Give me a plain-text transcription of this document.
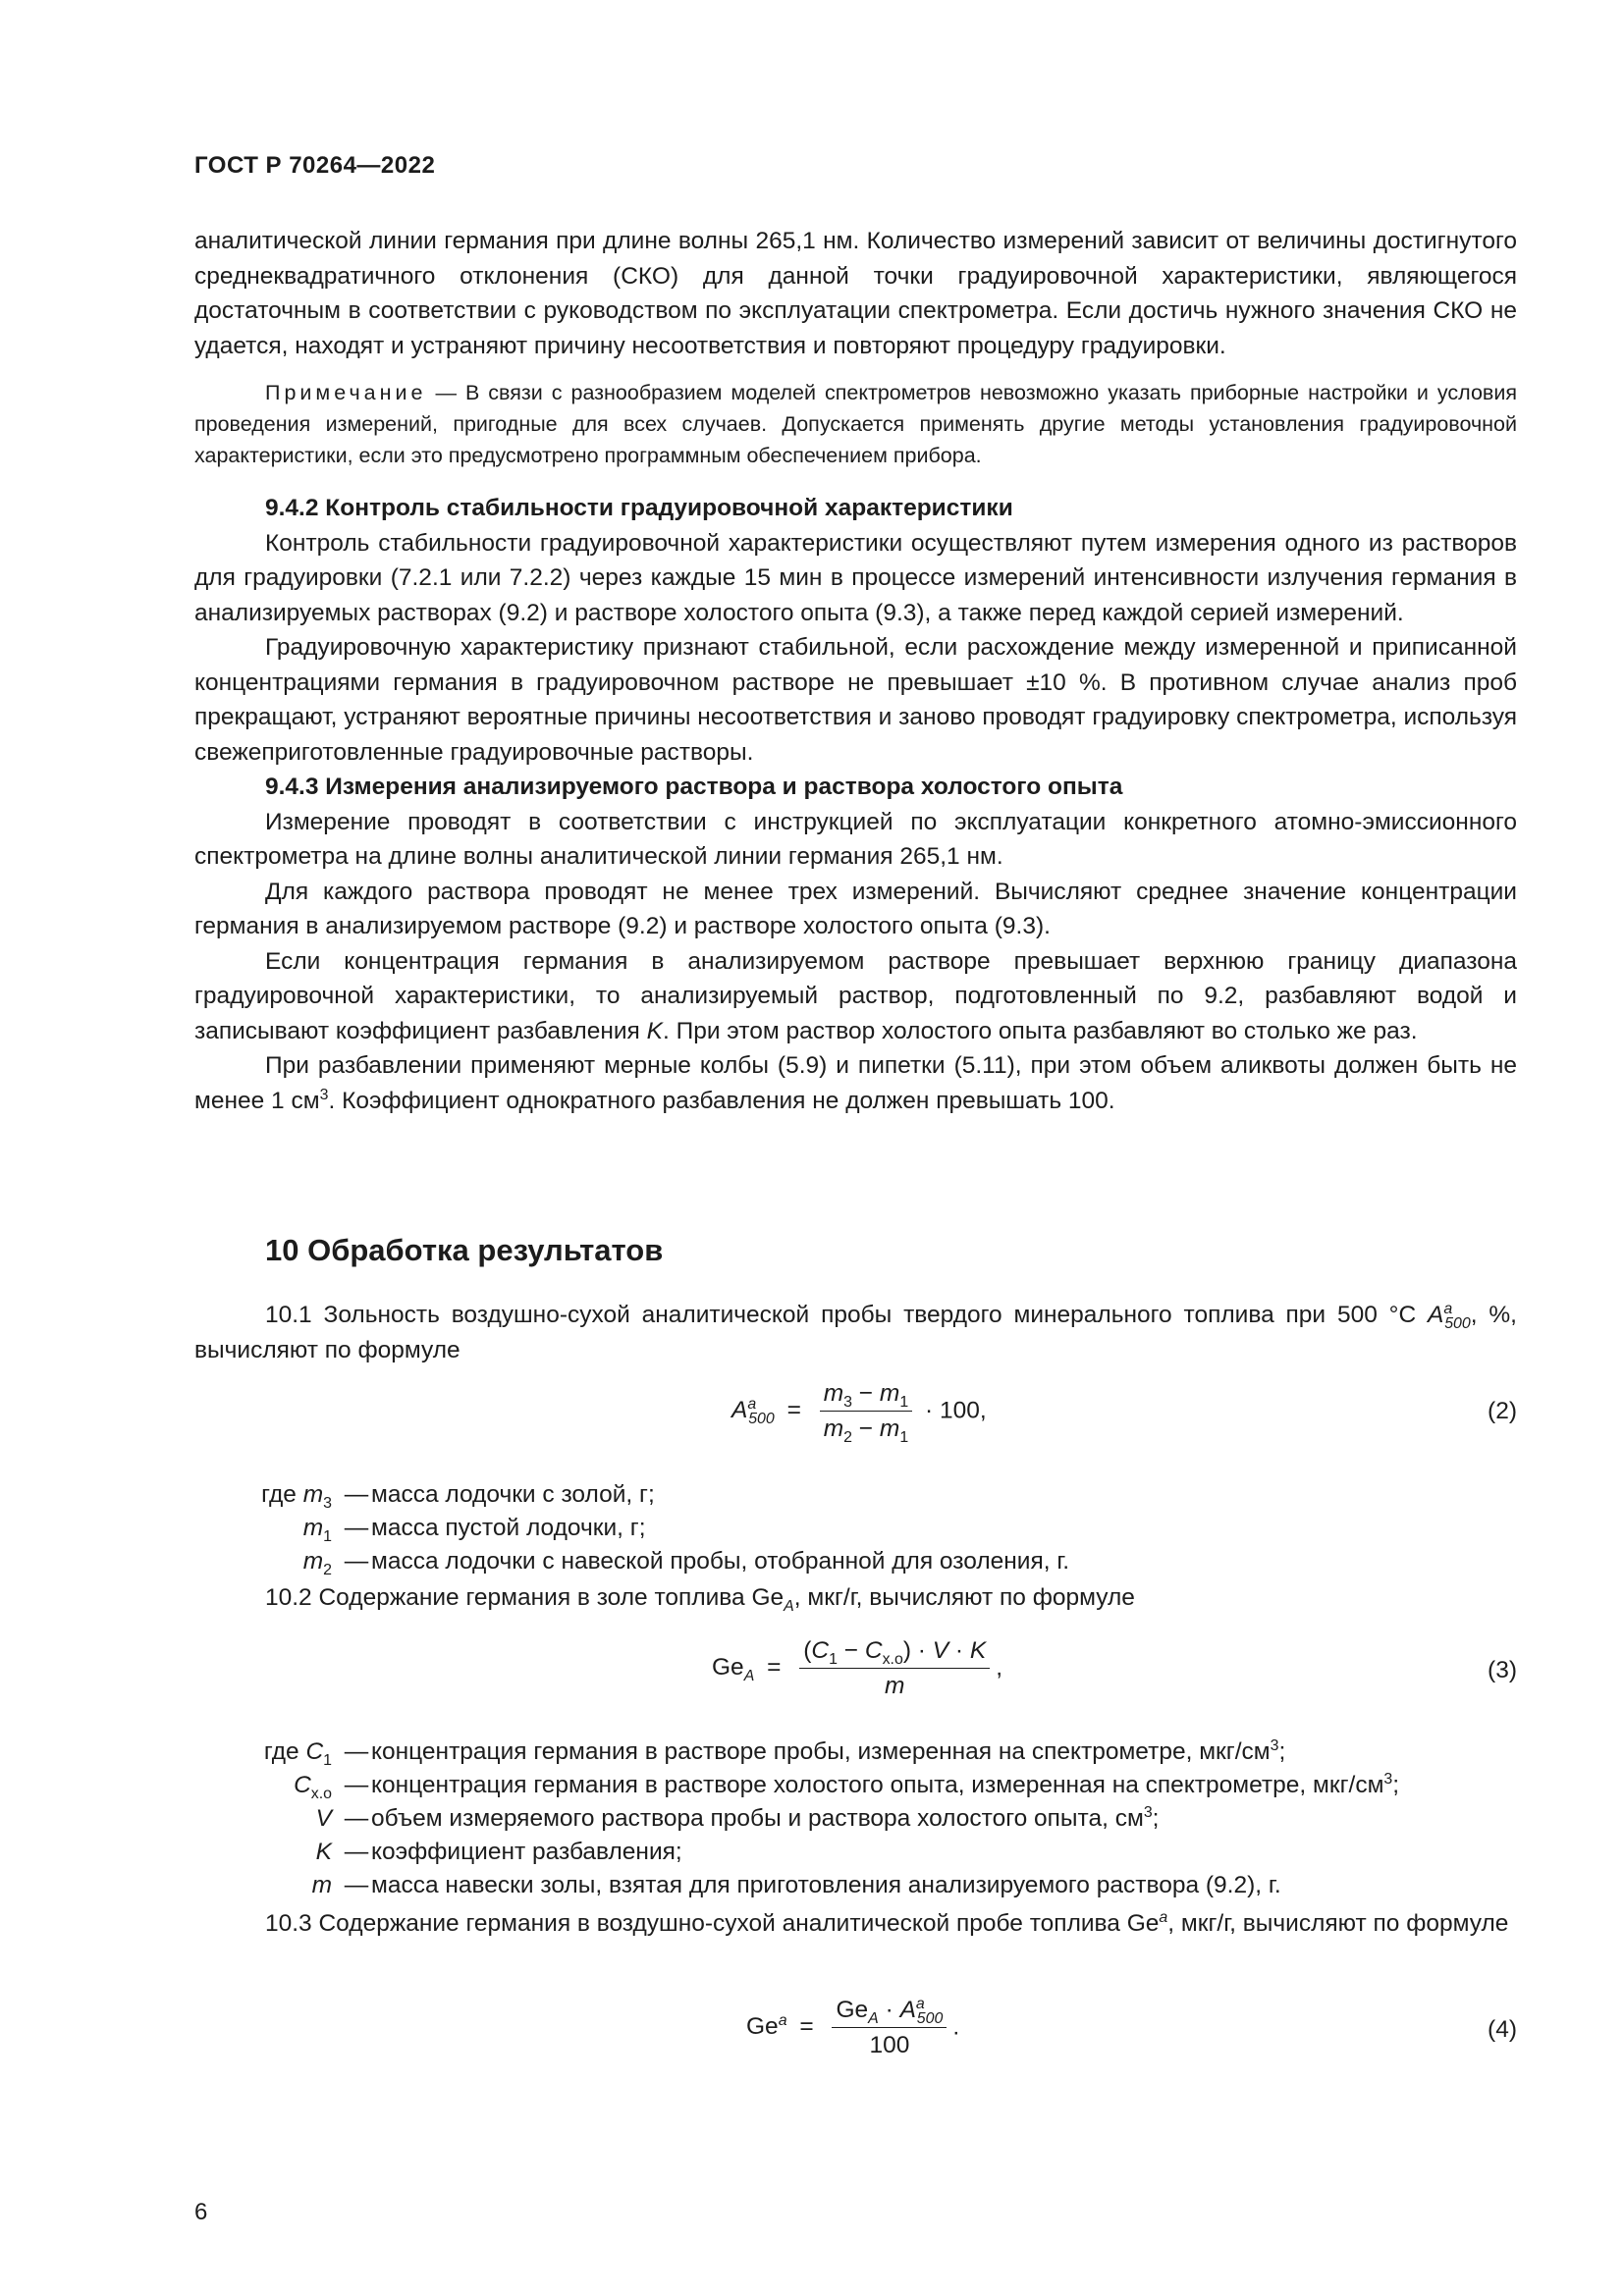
ГОСТ Р 70264—2022

аналитической линии германия при длине волны 265,1 нм. Количество измерений зависит от величины достигнутого среднеквадратичного отклонения (СКО) для данной точки градуировочной характеристики, являющегося достаточным в соответствии с руководством по эксплуатации спектрометра. Если достичь нужного значения СКО не удается, находят и устраняют причину несоответствия и повторяют процедуру градуировки.

Примечание — В связи с разнообразием моделей спектрометров невозможно указать приборные настройки и условия проведения измерений, пригодные для всех случаев. Допускается применять другие методы установления градуировочной характеристики, если это предусмотрено программным обеспечением прибора.

9.4.2 Контроль стабильности градуировочной характеристики

Контроль стабильности градуировочной характеристики осуществляют путем измерения одного из растворов для градуировки (7.2.1 или 7.2.2) через каждые 15 мин в процессе измерений интенсивности излучения германия в анализируемых растворах (9.2) и растворе холостого опыта (9.3), а также перед каждой серией измерений.

Градуировочную характеристику признают стабильной, если расхождение между измеренной и приписанной концентрациями германия в градуировочном растворе не превышает ±10 %. В противном случае анализ проб прекращают, устраняют вероятные причины несоответствия и заново проводят градуировку спектрометра, используя свежеприготовленные градуировочные растворы.

9.4.3 Измерения анализируемого раствора и раствора холостого опыта

Измерение проводят в соответствии с инструкцией по эксплуатации конкретного атомно-эмиссионного спектрометра на длине волны аналитической линии германия 265,1 нм.

Для каждого раствора проводят не менее трех измерений. Вычисляют среднее значение концентрации германия в анализируемом растворе (9.2) и растворе холостого опыта (9.3).

Если концентрация германия в анализируемом растворе превышает верхнюю границу диапазона градуировочной характеристики, то анализируемый раствор, подготовленный по 9.2, разбавляют водой и записывают коэффициент разбавления K. При этом раствор холостого опыта разбавляют во столько же раз.

При разбавлении применяют мерные колбы (5.9) и пипетки (5.11), при этом объем аликвоты должен быть не менее 1 $см^3$. Коэффициент однократного разбавления не должен превышать 100.

10 Обработка результатов

10.1 Зольность воздушно-сухой аналитической пробы твердого минерального топлива при 500 °С $A^a_{500}$, %, вычисляют по формуле

$A^a_{500} = \frac{m_3 - m_1}{m_2 - m_1} \cdot 100$,	(2)
где $m_3$ — масса лодочки с золой, г;
$m_1$ — масса пустой лодочки, г;
$m_2$ — масса лодочки с навеской пробы, отобранной для озоления, г.

10.2 Содержание германия в золе топлива $Ge_A$, мкг/г, вычисляют по формуле

$Ge_A = \frac{(C_1 - C_{х.о}) \cdot V \cdot K}{m}$ ,	(3)
где $C_1$ — концентрация германия в растворе пробы, измеренная на спектрометре, мкг/$см^3$;
$C_{х.о}$ — концентрация германия в растворе холостого опыта, измеренная на спектрометре, мкг/$см^3$;
V — объем измеряемого раствора пробы и раствора холостого опыта, $см^3$;
K — коэффициент разбавления;
m — масса навески золы, взятая для приготовления анализируемого раствора (9.2), г.

10.3 Содержание германия в воздушно-сухой аналитической пробе топлива Ge$^a$, мкг/г, вычисляют по формуле

$Ge^a = \frac{Ge_A \cdot A^a_{500}}{100}$ .	(4)
6
